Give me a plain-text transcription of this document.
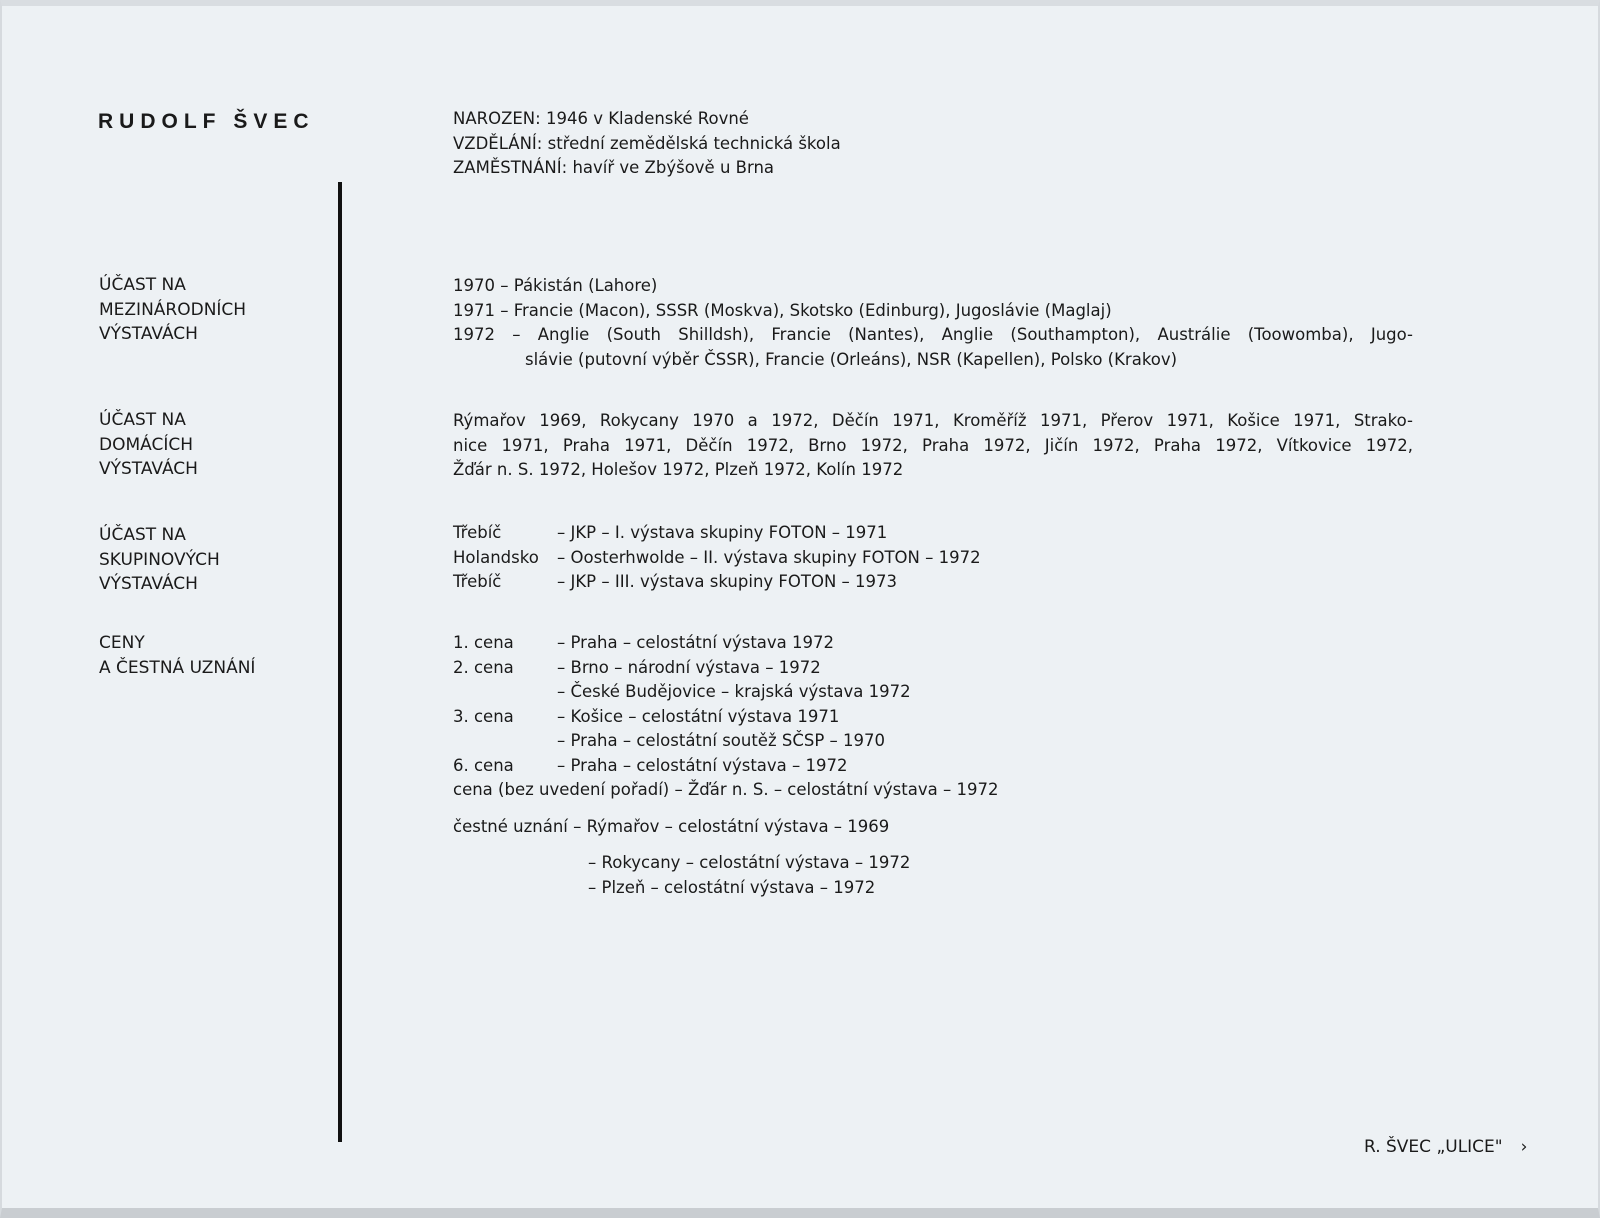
RUDOLF ŠVEC	NAROZEN: 1946 v Kladenské Rovné
VZDĚLÁNÍ: střední zemědělská technická škola
ZAMĚSTNÁNÍ: havíř ve Zbýšově u Brna
ÚČAST NA
MEZINÁRODNÍCH
VÝSTAVÁCH
1970 – Pákistán (Lahore)
1971 – Francie (Macon), SSSR (Moskva), Skotsko (Edinburg), Jugoslávie (Maglaj)
1972 – Anglie (South Shilldsh), Francie (Nantes), Anglie (Southampton), Austrálie (Toowomba), Jugo-
slávie (putovní výběr ČSSR), Francie (Orleáns), NSR (Kapellen), Polsko (Krakov)
ÚČAST NA
DOMÁCÍCH
VÝSTAVÁCH
Rýmařov 1969, Rokycany 1970 a 1972, Děčín 1971, Kroměříž 1971, Přerov 1971, Košice 1971, Strako-
nice 1971, Praha 1971, Děčín 1972, Brno 1972, Praha 1972, Jičín 1972, Praha 1972, Vítkovice 1972,
Žďár n. S. 1972, Holešov 1972, Plzeň 1972, Kolín 1972
ÚČAST NA
SKUPINOVÝCH
VÝSTAVÁCH
Třebíč	– JKP – I. výstava skupiny FOTON – 1971
Holandsko	– Oosterhwolde – II. výstava skupiny FOTON – 1972
Třebíč	– JKP – III. výstava skupiny FOTON – 1973
CENY
A ČESTNÁ UZNÁNÍ
1. cena	– Praha – celostátní výstava 1972
2. cena	– Brno – národní výstava – 1972
	– České Budějovice – krajská výstava 1972
3. cena	– Košice – celostátní výstava 1971
	– Praha – celostátní soutěž SČSP – 1970
6. cena	– Praha – celostátní výstava – 1972
cena (bez uvedení pořadí) – Žďár n. S. – celostátní výstava – 1972
čestné uznání – Rýmařov – celostátní výstava – 1969
– Rokycany – celostátní výstava – 1972
– Plzeň – celostátní výstava – 1972
R. ŠVEC „ULICE" ›
